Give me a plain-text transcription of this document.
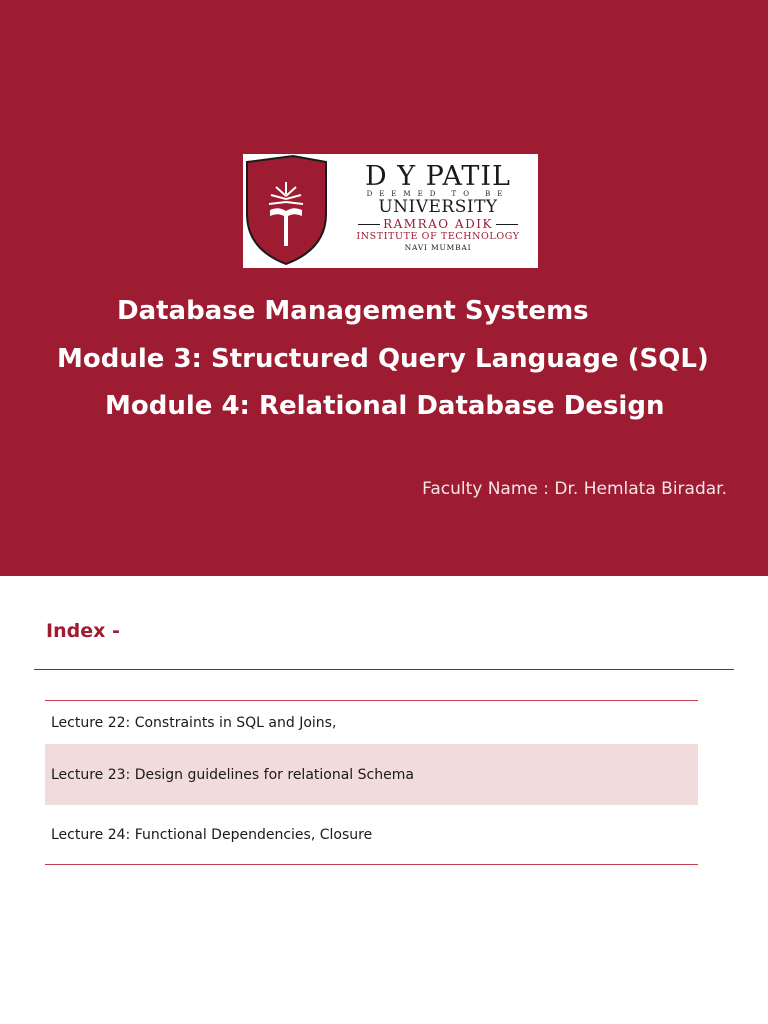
D Y PATIL
DEEMED TO BE
UNIVERSITY
RAMRAO ADIK
INSTITUTE OF TECHNOLOGY
NAVI MUMBAI
Database Management Systems
Module 3: Structured Query Language (SQL)
Module 4: Relational Database Design
Faculty Name : Dr. Hemlata Biradar.
Index -
Lecture 22: Constraints in SQL and Joins,
Lecture 23: Design guidelines for relational Schema
Lecture 24: Functional Dependencies, Closure
